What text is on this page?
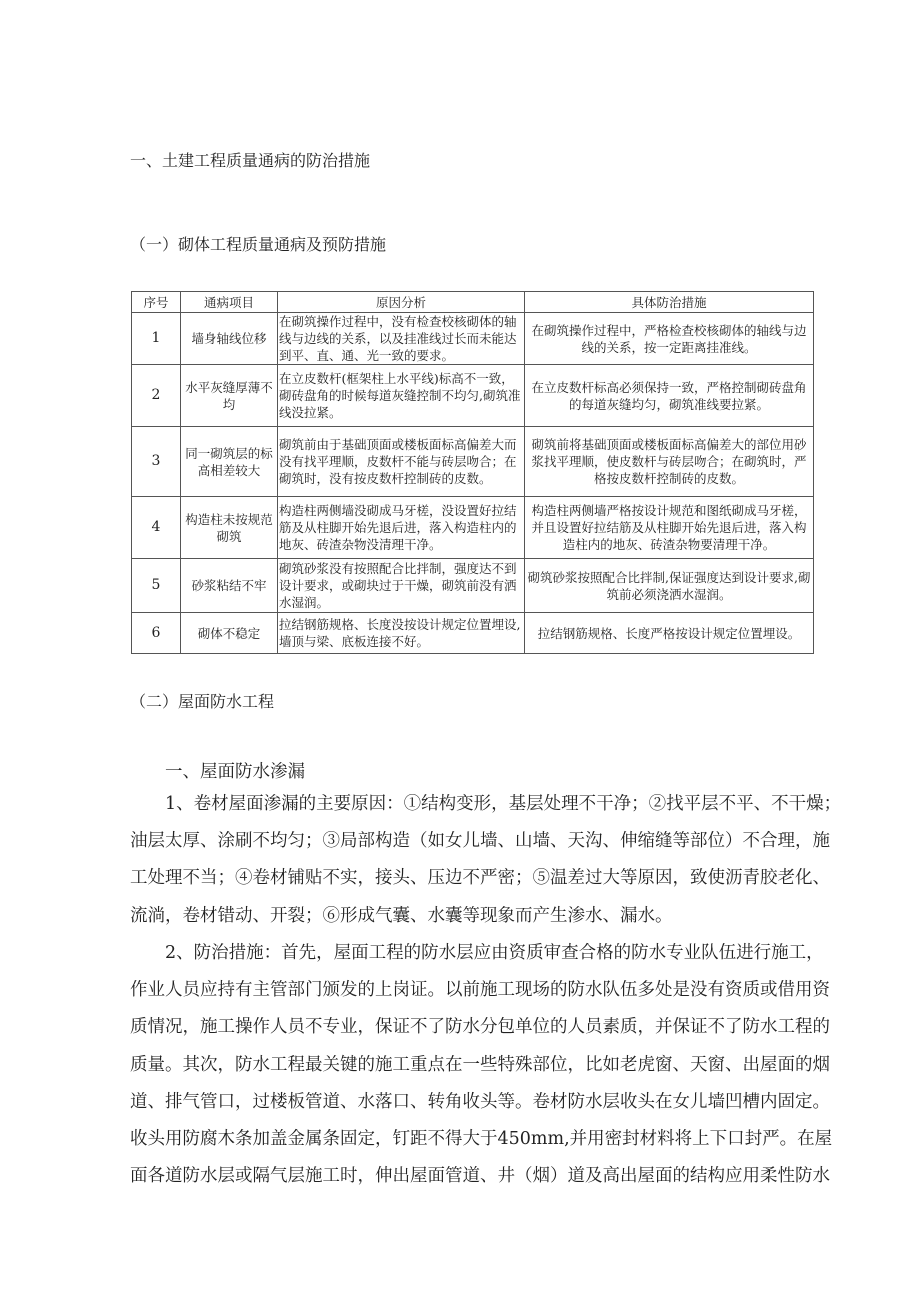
一、土建工程质量通病的防治措施
（一）砌体工程质量通病及预防措施
序号	通病项目	原因分析	具体防治措施
1	墙身轴线位移	在砌筑操作过程中，没有检查校核砌体的轴线与边线的关系，以及挂准线过长而未能达到平、直、通、光一致的要求。	在砌筑操作过程中，严格检查校核砌体的轴线与边线的关系，按一定距离挂准线。
2	水平灰缝厚薄不均	在立皮数杆(框架柱上水平线)标高不一致，砌砖盘角的时候每道灰缝控制不均匀,砌筑准线没拉紧。	在立皮数杆标高必须保持一致，严格控制砌砖盘角的每道灰缝均匀，砌筑准线要拉紧。
3	同一砌筑层的标高相差较大	砌筑前由于基础顶面或楼板面标高偏差大而没有找平理顺，皮数杆不能与砖层吻合；在砌筑时，没有按皮数杆控制砖的皮数。	砌筑前将基础顶面或楼板面标高偏差大的部位用砂浆找平理顺，使皮数杆与砖层吻合；在砌筑时，严格按皮数杆控制砖的皮数。
4	构造柱未按规范砌筑	构造柱两侧墙没砌成马牙槎，没设置好拉结筋及从柱脚开始先退后进，落入构造柱内的地灰、砖渣杂物没清理干净。	构造柱两侧墙严格按设计规范和图纸砌成马牙槎，并且设置好拉结筋及从柱脚开始先退后进，落入构造柱内的地灰、砖渣杂物要清理干净。
5	砂浆粘结不牢	砌筑砂浆没有按照配合比拌制，强度达不到设计要求，或砌块过于干燥，砌筑前没有洒水湿润。	砌筑砂浆按照配合比拌制,保证强度达到设计要求,砌筑前必须浇洒水湿润。
6	砌体不稳定	拉结钢筋规格、长度没按设计规定位置埋设,墙顶与梁、底板连接不好。	拉结钢筋规格、长度严格按设计规定位置埋设。
（二）屋面防水工程
一、屋面防水渗漏
1、卷材屋面渗漏的主要原因：①结构变形，基层处理不干净；②找平层不平、不干燥；
油层太厚、涂刷不均匀；③局部构造（如女儿墙、山墙、天沟、伸缩缝等部位）不合理，施
工处理不当；④卷材铺贴不实，接头、压边不严密；⑤温差过大等原因，致使沥青胶老化、
流淌，卷材错动、开裂；⑥形成气囊、水囊等现象而产生渗水、漏水。
2、防治措施：首先，屋面工程的防水层应由资质审查合格的防水专业队伍进行施工，
作业人员应持有主管部门颁发的上岗证。以前施工现场的防水队伍多处是没有资质或借用资
质情况，施工操作人员不专业，保证不了防水分包单位的人员素质，并保证不了防水工程的
质量。其次，防水工程最关键的施工重点在一些特殊部位，比如老虎窗、天窗、出屋面的烟
道、排气管口，过楼板管道、水落口、转角收头等。卷材防水层收头在女儿墙凹槽内固定。
收头用防腐木条加盖金属条固定，钉距不得大于450mm,并用密封材料将上下口封严。在屋
面各道防水层或隔气层施工时，伸出屋面管道、井（烟）道及高出屋面的结构应用柔性防水
